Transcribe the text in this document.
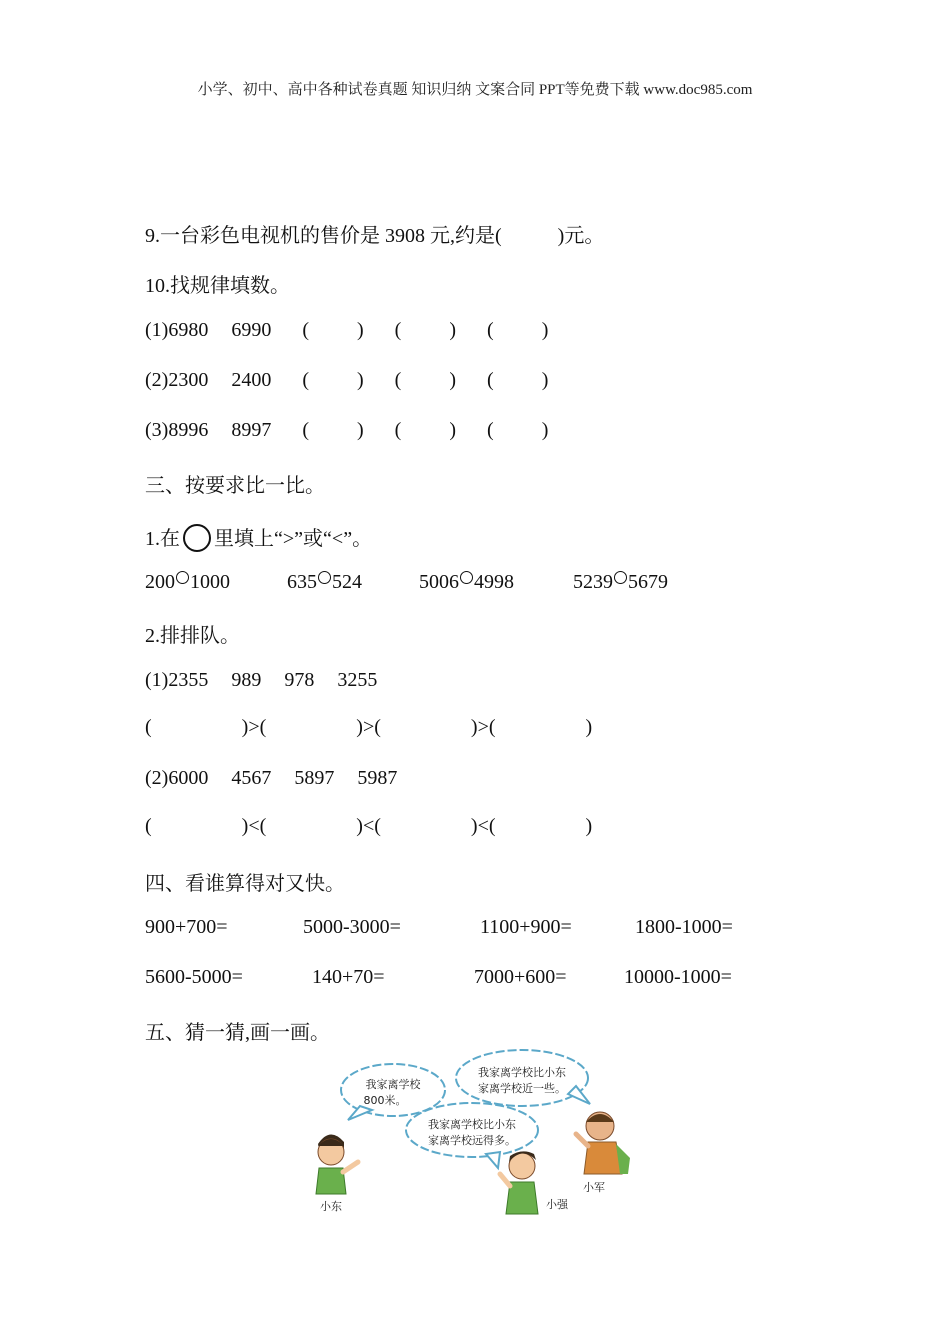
小学、初中、高中各种试卷真题 知识归纳 文案合同 PPT等免费下载 www.doc985.com
9.一台彩色电视机的售价是 3908 元,约是(	)元。
10.找规律填数。
(1)6980 6990 ( ) ( ) ( )
(2)2300 2400 ( ) ( ) ( )
(3)8996 8997 ( ) ( ) ( )
三、按要求比一比。
1.在 里填上“>”或“<”。
200 1000	635 524	5006 4998	5239 5679
2.排排队。
(1)2355 989 978 3255
(	)>(	)>(	)>(	)
(2)6000 4567 5897 5987
(	)<(	)<(	)<(	)
四、看谁算得对又快。
900+700=	5000-3000=	1100+900=	1800-1000=
5600-5000=	140+70=	7000+600=	10000-1000=
五、猜一猜,画一画。
我家离学校
800米。
我家离学校比小东
家离学校近一些。
我家离学校比小东
家离学校远得多。
小东
小军
小强
